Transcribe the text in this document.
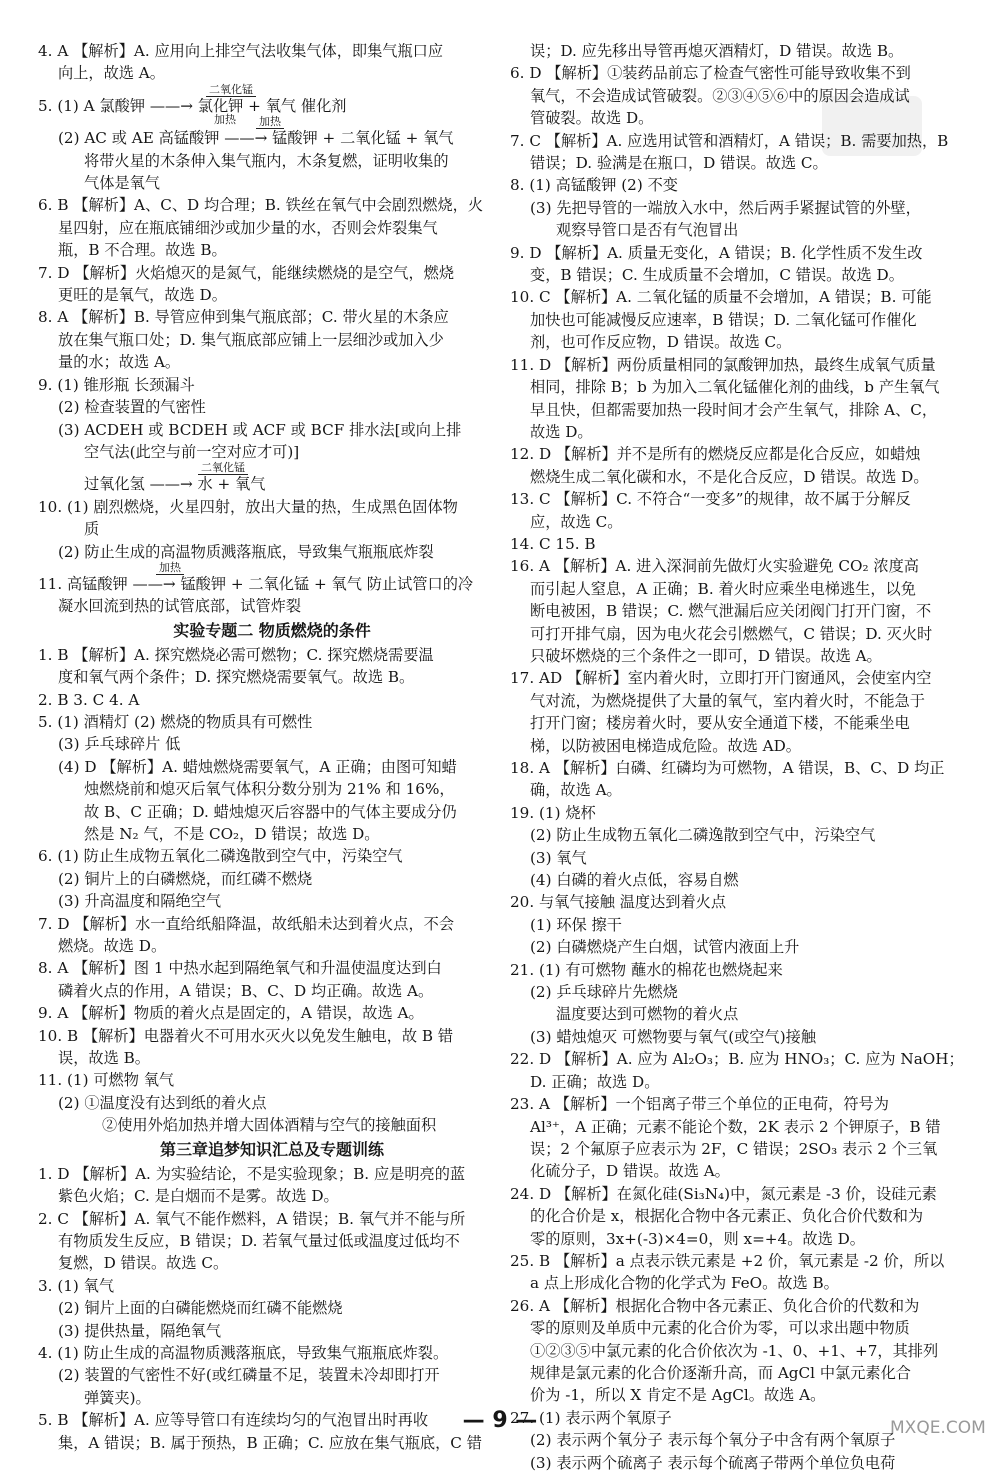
4. A 【解析】A. 应用向上排空气法收集气体，即集气瓶口应
向上，故选 A。
5. (1) A 氯酸钾 ——→ 氯化钾 + 氧气 催化剂
二氧化锰
加热
(2) AC 或 AE 高锰酸钾 ——→ 锰酸钾 + 二氧化锰 + 氧气
加热
将带火星的木条伸入集气瓶内，木条复燃，证明收集的
气体是氧气
6. B 【解析】A、C、D 均合理；B. 铁丝在氧气中会剧烈燃烧，火
星四射，应在瓶底铺细沙或加少量的水，否则会炸裂集气
瓶，B 不合理。故选 B。
7. D 【解析】火焰熄灭的是氮气，能继续燃烧的是空气，燃烧
更旺的是氧气，故选 D。
8. A 【解析】B. 导管应伸到集气瓶底部；C. 带火星的木条应
放在集气瓶口处；D. 集气瓶底部应铺上一层细沙或加入少
量的水；故选 A。
9. (1) 锥形瓶 长颈漏斗
(2) 检查装置的气密性
(3) ACDEH 或 BCDEH 或 ACF 或 BCF 排水法[或向上排
空气法(此空与前一空对应才可)]
过氧化氢 ——→ 水 + 氧气
二氧化锰
10. (1) 剧烈燃烧，火星四射，放出大量的热，生成黑色固体物
质
(2) 防止生成的高温物质溅落瓶底，导致集气瓶瓶底炸裂
11. 高锰酸钾 ——→ 锰酸钾 + 二氧化锰 + 氧气 防止试管口的冷
加热
凝水回流到热的试管底部，试管炸裂
实验专题二 物质燃烧的条件
1. B 【解析】A. 探究燃烧必需可燃物；C. 探究燃烧需要温
度和氧气两个条件；D. 探究燃烧需要氧气。故选 B。
2. B 3. C 4. A
5. (1) 酒精灯 (2) 燃烧的物质具有可燃性
(3) 乒乓球碎片 低
(4) D 【解析】A. 蜡烛燃烧需要氧气，A 正确；由图可知蜡
烛燃烧前和熄灭后氧气体积分数分别为 21% 和 16%，
故 B、C 正确；D. 蜡烛熄灭后容器中的气体主要成分仍
然是 N₂ 气，不是 CO₂，D 错误；故选 D。
6. (1) 防止生成物五氧化二磷逸散到空气中，污染空气
(2) 铜片上的白磷燃烧，而红磷不燃烧
(3) 升高温度和隔绝空气
7. D 【解析】水一直给纸船降温，故纸船未达到着火点，不会
燃烧。故选 D。
8. A 【解析】图 1 中热水起到隔绝氧气和升温使温度达到白
磷着火点的作用，A 错误；B、C、D 均正确。故选 A。
9. A 【解析】物质的着火点是固定的，A 错误，故选 A。
10. B 【解析】电器着火不可用水灭火以免发生触电，故 B 错
误，故选 B。
11. (1) 可燃物 氧气
(2) ①温度没有达到纸的着火点
②使用外焰加热并增大固体酒精与空气的接触面积
第三章追梦知识汇总及专题训练
1. D 【解析】A. 为实验结论，不是实验现象；B. 应是明亮的蓝
紫色火焰；C. 是白烟而不是雾。故选 D。
2. C 【解析】A. 氧气不能作燃料，A 错误；B. 氧气并不能与所
有物质发生反应，B 错误；D. 若氧气量过低或温度过低均不
复燃，D 错误。故选 C。
3. (1) 氧气
(2) 铜片上面的白磷能燃烧而红磷不能燃烧
(3) 提供热量，隔绝氧气
4. (1) 防止生成的高温物质溅落瓶底，导致集气瓶瓶底炸裂。
(2) 装置的气密性不好(或红磷量不足，装置未冷却即打开
弹簧夹)。
5. B 【解析】A. 应等导管口有连续均匀的气泡冒出时再收
集，A 错误；B. 属于预热，B 正确；C. 应放在集气瓶底，C 错
误；D. 应先移出导管再熄灭酒精灯，D 错误。故选 B。
6. D 【解析】①装药品前忘了检查气密性可能导致收集不到
氧气，不会造成试管破裂。②③④⑤⑥中的原因会造成试
管破裂。故选 D。
7. C 【解析】A. 应选用试管和酒精灯，A 错误；B. 需要加热，B
错误；D. 验满是在瓶口，D 错误。故选 C。
8. (1) 高锰酸钾 (2) 不变
(3) 先把导管的一端放入水中，然后两手紧握试管的外壁，
观察导管口是否有气泡冒出
9. D 【解析】A. 质量无变化，A 错误；B. 化学性质不发生改
变，B 错误；C. 生成质量不会增加，C 错误。故选 D。
10. C 【解析】A. 二氧化锰的质量不会增加，A 错误；B. 可能
加快也可能减慢反应速率，B 错误；D. 二氧化锰可作催化
剂，也可作反应物，D 错误。故选 C。
11. D 【解析】两份质量相同的氯酸钾加热，最终生成氧气质量
相同，排除 B；b 为加入二氧化锰催化剂的曲线，b 产生氧气
早且快，但都需要加热一段时间才会产生氧气，排除 A、C，
故选 D。
12. D 【解析】并不是所有的燃烧反应都是化合反应，如蜡烛
燃烧生成二氧化碳和水，不是化合反应，D 错误。故选 D。
13. C 【解析】C. 不符合“一变多”的规律，故不属于分解反
应，故选 C。
14. C 15. B
16. A 【解析】A. 进入深洞前先做灯火实验避免 CO₂ 浓度高
而引起人窒息，A 正确；B. 着火时应乘坐电梯逃生，以免
断电被困，B 错误；C. 燃气泄漏后应关闭阀门打开门窗，不
可打开排气扇，因为电火花会引燃燃气，C 错误；D. 灭火时
只破坏燃烧的三个条件之一即可，D 错误。故选 A。
17. AD 【解析】室内着火时，立即打开门窗通风，会使室内空
气对流，为燃烧提供了大量的氧气，室内着火时，不能急于
打开门窗；楼房着火时，要从安全通道下楼，不能乘坐电
梯，以防被困电梯造成危险。故选 AD。
18. A 【解析】白磷、红磷均为可燃物，A 错误，B、C、D 均正
确，故选 A。
19. (1) 烧杯
(2) 防止生成物五氧化二磷逸散到空气中，污染空气
(3) 氧气
(4) 白磷的着火点低，容易自燃
20. 与氧气接触 温度达到着火点
(1) 环保 擦干
(2) 白磷燃烧产生白烟，试管内液面上升
21. (1) 有可燃物 蘸水的棉花也燃烧起来
(2) 乒乓球碎片先燃烧
温度要达到可燃物的着火点
(3) 蜡烛熄灭 可燃物要与氧气(或空气)接触
22. D 【解析】A. 应为 Al₂O₃；B. 应为 HNO₃；C. 应为 NaOH；
D. 正确；故选 D。
23. A 【解析】一个铝离子带三个单位的正电荷，符号为
Al³⁺，A 正确；元素不能论个数，2K 表示 2 个钾原子，B 错
误；2 个氟原子应表示为 2F，C 错误；2SO₃ 表示 2 个三氧
化硫分子，D 错误。故选 A。
24. D 【解析】在氮化硅(Si₃N₄)中，氮元素是 -3 价，设硅元素
的化合价是 x，根据化合物中各元素正、负化合价代数和为
零的原则，3x+(-3)×4=0，则 x=+4。故选 D。
25. B 【解析】a 点表示铁元素是 +2 价，氧元素是 -2 价，所以
a 点上形成化合物的化学式为 FeO。故选 B。
26. A 【解析】根据化合物中各元素正、负化合价的代数和为
零的原则及单质中元素的化合价为零，可以求出题中物质
①②③⑤中氯元素的化合价依次为 -1、0、+1、+7，其排列
规律是氯元素的化合价逐渐升高，而 AgCl 中氯元素化合
价为 -1，所以 X 肯定不是 AgCl。故选 A。
27. (1) 表示两个氧原子
(2) 表示两个氧分子 表示每个氧分子中含有两个氧原子
(3) 表示两个硫离子 表示每个硫离子带两个单位负电荷
— 9 —	MXQE.COM
